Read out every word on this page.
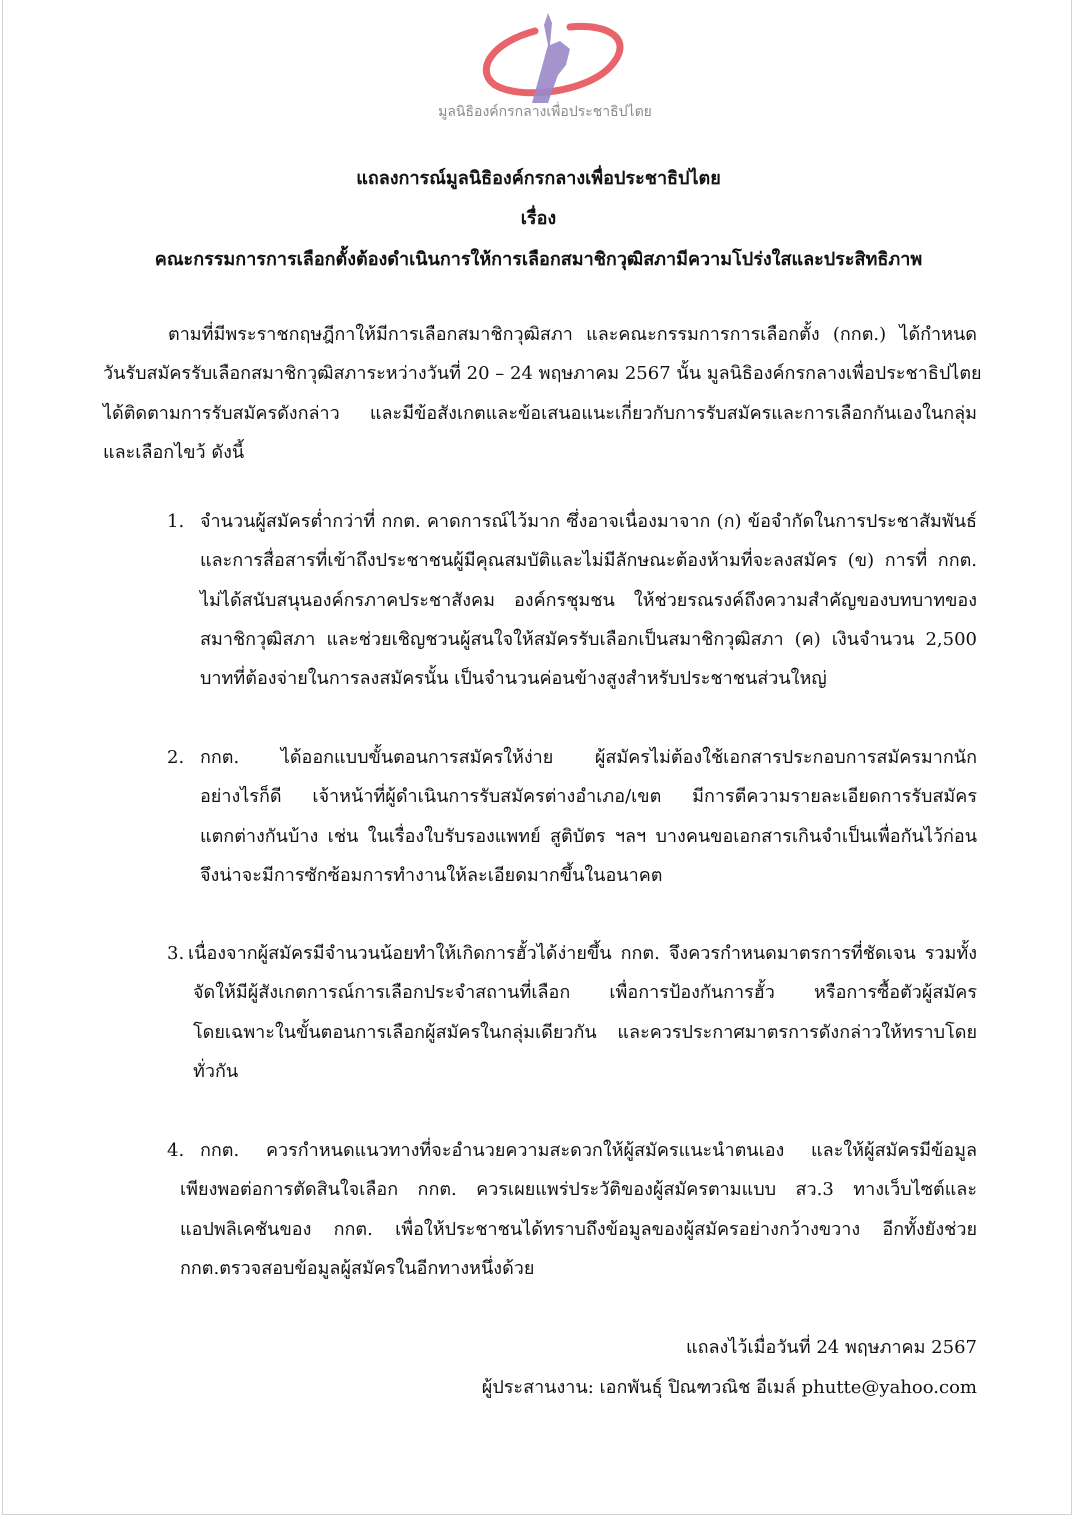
มูลนิธิองค์กรกลางเพื่อประชาธิปไตย
แถลงการณ์มูลนิธิองค์กรกลางเพื่อประชาธิปไตย
เรื่อง
คณะกรรมการการเลือกตั้งต้องดำเนินการให้การเลือกสมาชิกวุฒิสภามีความโปร่งใสและประสิทธิภาพ
ตามที่มีพระราชกฤษฎีกาให้มีการเลือกสมาชิกวุฒิสภา และคณะกรรมการการเลือกตั้ง (กกต.) ได้กำหนด
วันรับสมัครรับเลือกสมาชิกวุฒิสภาระหว่างวันที่ 20 – 24 พฤษภาคม 2567 นั้น มูลนิธิองค์กรกลางเพื่อประชาธิปไตย
ได้ติดตามการรับสมัครดังกล่าว และมีข้อสังเกตและข้อเสนอแนะเกี่ยวกับการรับสมัครและการเลือกกันเองในกลุ่ม
และเลือกไขว้ ดังนี้
1. จำนวนผู้สมัครต่ำกว่าที่ กกต. คาดการณ์ไว้มาก ซึ่งอาจเนื่องมาจาก (ก) ข้อจำกัดในการประชาสัมพันธ์
และการสื่อสารที่เข้าถึงประชาชนผู้มีคุณสมบัติและไม่มีลักษณะต้องห้ามที่จะลงสมัคร (ข) การที่ กกต.
ไม่ได้สนับสนุนองค์กรภาคประชาสังคม องค์กรชุมชน ให้ช่วยรณรงค์ถึงความสำคัญของบทบาทของ
สมาชิกวุฒิสภา และช่วยเชิญชวนผู้สนใจให้สมัครรับเลือกเป็นสมาชิกวุฒิสภา (ค) เงินจำนวน 2,500
บาทที่ต้องจ่ายในการลงสมัครนั้น เป็นจำนวนค่อนข้างสูงสำหรับประชาชนส่วนใหญ่
2. กกต. ได้ออกแบบขั้นตอนการสมัครให้ง่าย ผู้สมัครไม่ต้องใช้เอกสารประกอบการสมัครมากนัก
อย่างไรก็ดี เจ้าหน้าที่ผู้ดำเนินการรับสมัครต่างอำเภอ/เขต มีการตีความรายละเอียดการรับสมัคร
แตกต่างกันบ้าง เช่น ในเรื่องใบรับรองแพทย์ สูติบัตร ฯลฯ บางคนขอเอกสารเกินจำเป็นเพื่อกันไว้ก่อน
จึงน่าจะมีการซักซ้อมการทำงานให้ละเอียดมากขึ้นในอนาคต
3. เนื่องจากผู้สมัครมีจำนวนน้อยทำให้เกิดการฮั้วได้ง่ายขึ้น กกต. จึงควรกำหนดมาตรการที่ชัดเจน รวมทั้ง
จัดให้มีผู้สังเกตการณ์การเลือกประจำสถานที่เลือก เพื่อการป้องกันการฮั้ว หรือการซื้อตัวผู้สมัคร
โดยเฉพาะในขั้นตอนการเลือกผู้สมัครในกลุ่มเดียวกัน และควรประกาศมาตรการดังกล่าวให้ทราบโดย
ทั่วกัน
4. กกต. ควรกำหนดแนวทางที่จะอำนวยความสะดวกให้ผู้สมัครแนะนำตนเอง และให้ผู้สมัครมีข้อมูล
เพียงพอต่อการตัดสินใจเลือก กกต. ควรเผยแพร่ประวัติของผู้สมัครตามแบบ สว.3 ทางเว็บไซต์และ
แอปพลิเคชันของ กกต. เพื่อให้ประชาชนได้ทราบถึงข้อมูลของผู้สมัครอย่างกว้างขวาง อีกทั้งยังช่วย
กกต.ตรวจสอบข้อมูลผู้สมัครในอีกทางหนึ่งด้วย
แถลงไว้เมื่อวันที่ 24 พฤษภาคม 2567
ผู้ประสานงาน: เอกพันธุ์ ปิณฑวณิช อีเมล์ phutte@yahoo.com
